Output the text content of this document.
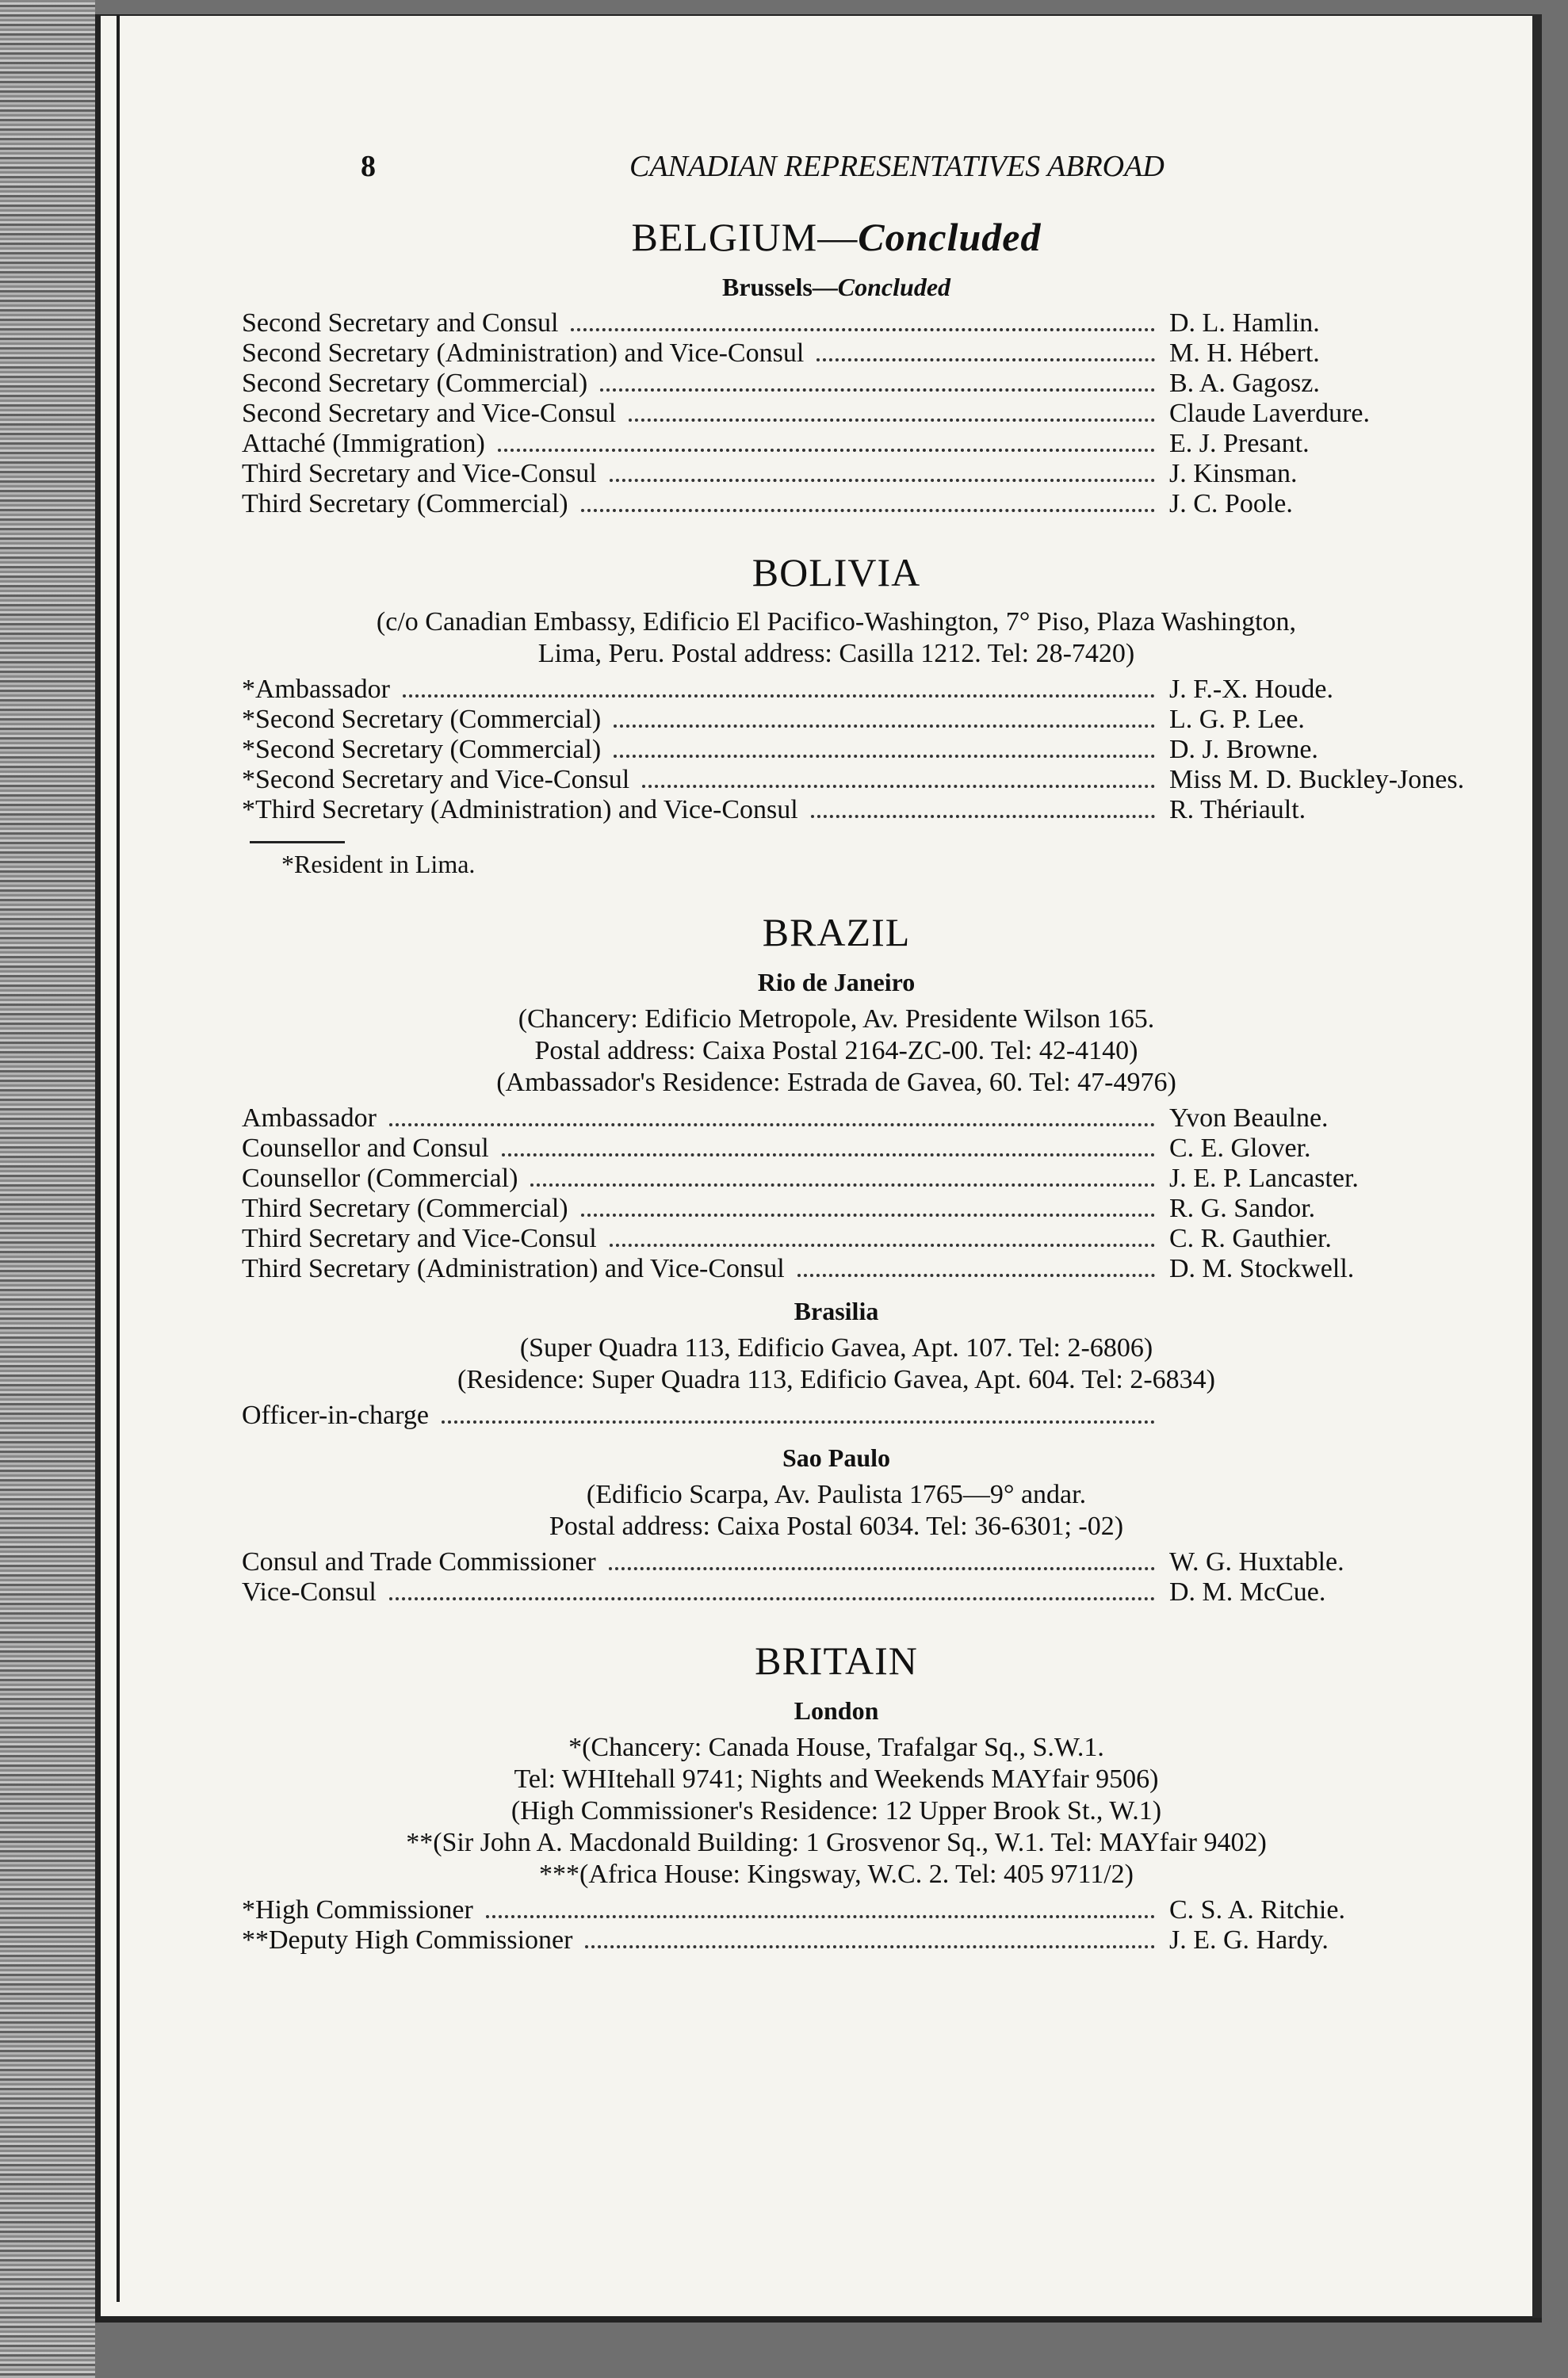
8	CANADIAN REPRESENTATIVES ABROAD
BELGIUM—Concluded
Brussels—Concluded
Second Secretary and Consul	D. L. Hamlin.
Second Secretary (Administration) and Vice-Consul	M. H. Hébert.
Second Secretary (Commercial)	B. A. Gagosz.
Second Secretary and Vice-Consul	Claude Laverdure.
Attaché (Immigration)	E. J. Presant.
Third Secretary and Vice-Consul	J. Kinsman.
Third Secretary (Commercial)	J. C. Poole.
BOLIVIA
(c/o Canadian Embassy, Edificio El Pacifico-Washington, 7° Piso, Plaza Washington,
Lima, Peru. Postal address: Casilla 1212. Tel: 28-7420)
*Ambassador	J. F.-X. Houde.
*Second Secretary (Commercial)	L. G. P. Lee.
*Second Secretary (Commercial)	D. J. Browne.
*Second Secretary and Vice-Consul	Miss M. D. Buckley-Jones.
*Third Secretary (Administration) and Vice-Consul	R. Thériault.
*Resident in Lima.
BRAZIL
Rio de Janeiro
(Chancery: Edificio Metropole, Av. Presidente Wilson 165.
Postal address: Caixa Postal 2164-ZC-00. Tel: 42-4140)
(Ambassador's Residence: Estrada de Gavea, 60. Tel: 47-4976)
Ambassador	Yvon Beaulne.
Counsellor and Consul	C. E. Glover.
Counsellor (Commercial)	J. E. P. Lancaster.
Third Secretary (Commercial)	R. G. Sandor.
Third Secretary and Vice-Consul	C. R. Gauthier.
Third Secretary (Administration) and Vice-Consul	D. M. Stockwell.
Brasilia
(Super Quadra 113, Edificio Gavea, Apt. 107. Tel: 2-6806)
(Residence: Super Quadra 113, Edificio Gavea, Apt. 604. Tel: 2-6834)
Officer-in-charge
Sao Paulo
(Edificio Scarpa, Av. Paulista 1765—9° andar.
Postal address: Caixa Postal 6034. Tel: 36-6301; -02)
Consul and Trade Commissioner	W. G. Huxtable.
Vice-Consul	D. M. McCue.
BRITAIN
London
*(Chancery: Canada House, Trafalgar Sq., S.W.1.
Tel: WHItehall 9741; Nights and Weekends MAYfair 9506)
(High Commissioner's Residence: 12 Upper Brook St., W.1)
**(Sir John A. Macdonald Building: 1 Grosvenor Sq., W.1. Tel: MAYfair 9402)
***(Africa House: Kingsway, W.C. 2. Tel: 405 9711/2)
*High Commissioner	C. S. A. Ritchie.
**Deputy High Commissioner	J. E. G. Hardy.
